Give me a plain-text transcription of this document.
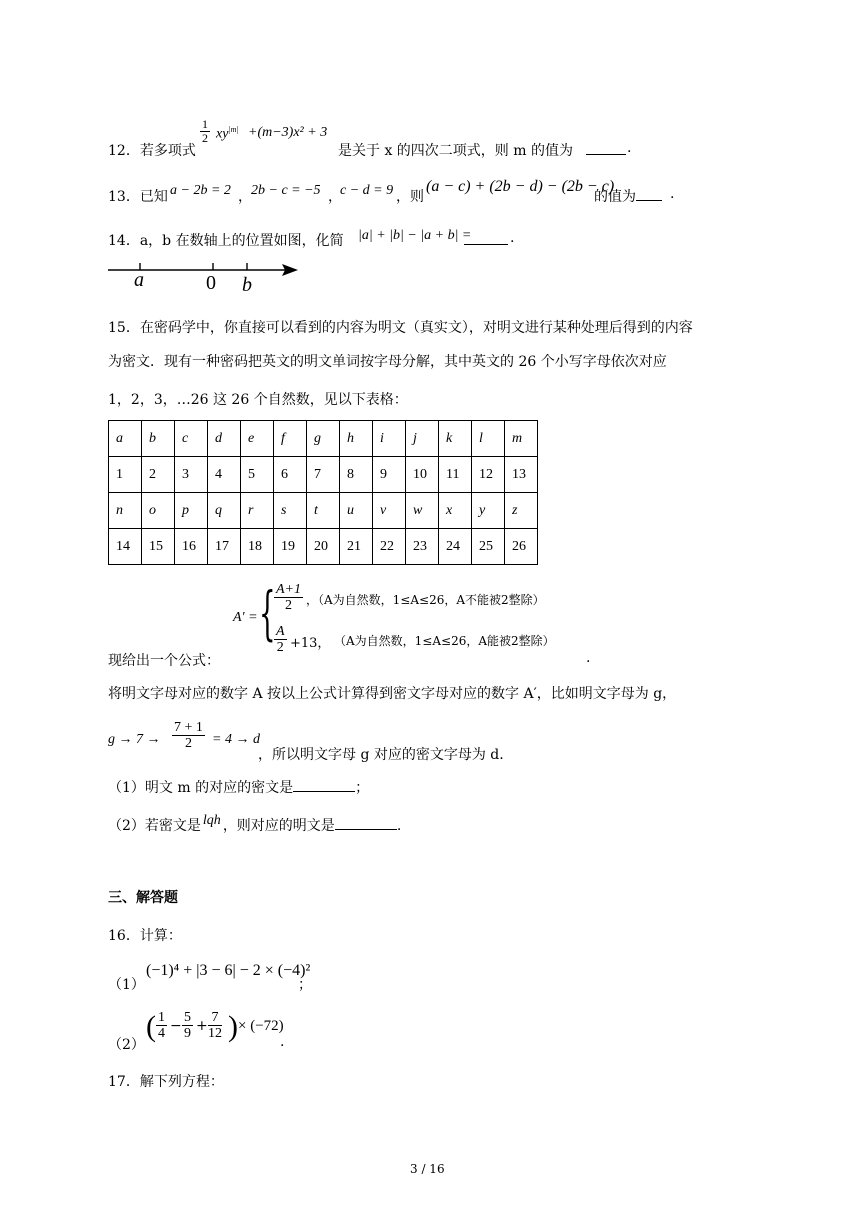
12．若多项式
$\frac{1}{2} xy^{|m|} +(m-3)x^2 + 3$
是关于 x 的四次二项式，则 m 的值为	.
13．已知 a − 2b = 2 ， 2b − c = −5 ，
c − d = 9 ，则
(a − c) + (2b − d) − (2b − c)
的值为 .
14．a，b 在数轴上的位置如图，化简 |a| + |b| − |a + b| =	.
a	0 b
15．在密码学中，你直接可以看到的内容为明文（真实文），对明文进行某种处理后得到的内容
为密文．现有一种密码把英文的明文单词按字母分解，其中英文的 26 个小写字母依次对应
1，2，3，…26 这 26 个自然数，见以下表格：
a	b	c	d	e	f	g	h	i	j	k	l	m
1	2	3	4	5	6	7	8	9	10	11	12	13
n	o	p	q	r	s	t	u	v	w	x	y	z
14	15	16	17	18	19	20	21	22	23	24	25	26
A′ = {
$\frac{A+1}{2}$ ，（A为自然数，1≤A≤26，A不能被2整除）
$\frac{A}{2} +13$， （A为自然数，1≤A≤26，A能被2整除）
现给出一个公式：	.
将明文字母对应的数字 A 按以上公式计算得到密文字母对应的数字 A′，比如明文字母为 g，
$g \to 7 \to \frac{7 + 1}{2} = 4 \to d$
，所以明文字母 g 对应的密文字母为 d.
（1）明文 m 的对应的密文是	；
（2）若密文是 lqh ，则对应的明文是	.
三、解答题
16．计算：
（1）
(−1)⁴ + |3 − 6| − 2 × (−4)²
；
（2）
( $\frac{1}{4} - \frac{5}{9} + \frac{7}{12}$ ) × (−72)
.
17．解下列方程：
3 / 16
